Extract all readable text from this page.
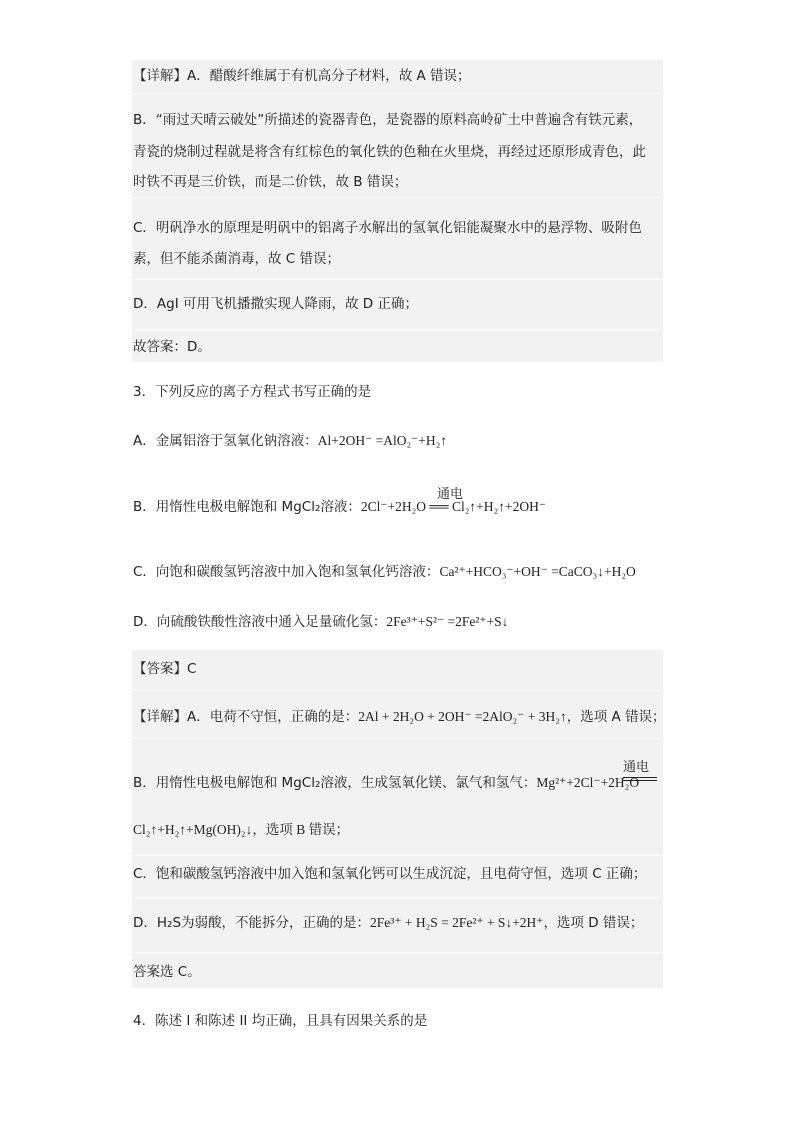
【详解】A．醋酸纤维属于有机高分子材料，故 A 错误；
B．“雨过天晴云破处”所描述的瓷器青色，是瓷器的原料高岭矿土中普遍含有铁元素，
青瓷的烧制过程就是将含有红棕色的氧化铁的色釉在火里烧，再经过还原形成青色，此
时铁不再是三价铁，而是二价铁，故 B 错误；
C．明矾净水的原理是明矾中的铝离子水解出的氢氧化铝能凝聚水中的悬浮物、吸附色
素，但不能杀菌消毒，故 C 错误；
D．AgI 可用飞机播撒实现人降雨，故 D 正确；
故答案：D。
3．下列反应的离子方程式书写正确的是
A．金属铝溶于氢氧化钠溶液：Al+2OH⁻ =AlO₂⁻+H₂↑
B．用惰性电极电解饱和 MgCl₂溶液：2Cl⁻+2H₂O ══ Cl₂↑+H₂↑+2OH⁻
通电
C．向饱和碳酸氢钙溶液中加入饱和氢氧化钙溶液：Ca²⁺+HCO₃⁻+OH⁻ =CaCO₃↓+H₂O
D．向硫酸铁酸性溶液中通入足量硫化氢：2Fe³⁺+S²⁻ =2Fe²⁺+S↓
【答案】C
【详解】A．电荷不守恒，正确的是：2Al + 2H₂O + 2OH⁻ =2AlO₂⁻ + 3H₂↑，选项 A 错误；
B．用惰性电极电解饱和 MgCl₂溶液，生成氢氧化镁、氯气和氢气：Mg²⁺+2Cl⁻+2H₂O
通电
Cl₂↑+H₂↑+Mg(OH)₂↓，选项 B 错误；
C．饱和碳酸氢钙溶液中加入饱和氢氧化钙可以生成沉淀，且电荷守恒，选项 C 正确；
D．H₂S为弱酸，不能拆分，正确的是：2Fe³⁺ + H₂S = 2Fe²⁺ + S↓+2H⁺，选项 D 错误；
答案选 C。
4．陈述 I 和陈述 II 均正确，且具有因果关系的是
